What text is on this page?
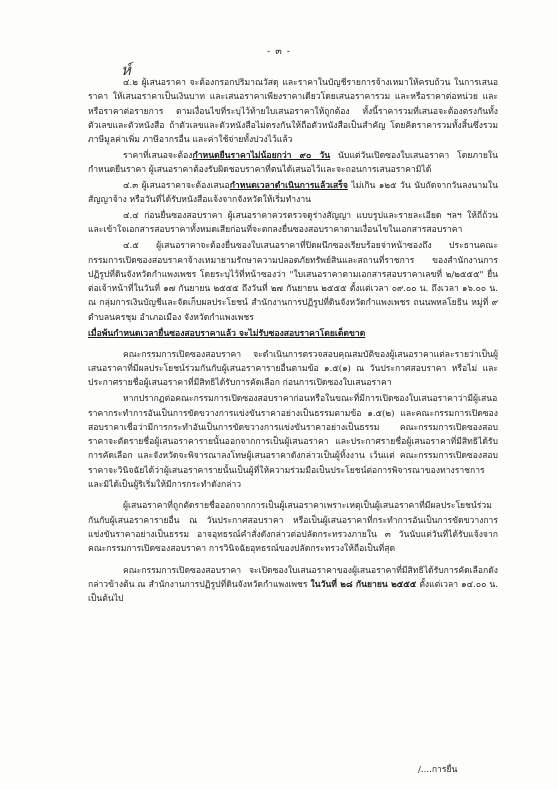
- ๓ -
ห์

๔.๒ ผู้เสนอราคา จะต้องกรอกปริมาณวัสดุ และราคาในบัญชีรายการจ้างเหมาให้ครบถ้วน ในการเสนอราคา ให้เสนอราคาเป็นเงินบาท และเสนอราคาเพียงราคาเดียวโดยเสนอราคารวม และหรือราคาต่อหน่วย และหรือราคาต่อรายการ ตามเงื่อนไขที่ระบุไว้ท้ายใบเสนอราคาให้ถูกต้อง ทั้งนี้ราคารวมที่เสนอจะต้องตรงกันทั้งตัวเลขและตัวหนังสือ ถ้าตัวเลขและตัวหนังสือไม่ตรงกันให้ถือตัวหนังสือเป็นสำคัญ โดยคิดราคารวมทั้งสิ้นซึ่งรวมภาษีมูลค่าเพิ่ม ภาษีอากรอื่น และค่าใช้จ่ายทั้งปวงไว้แล้ว

ราคาที่เสนอจะต้องกำหนดยืนราคาไม่น้อยกว่า ๙๐ วัน นับแต่วันเปิดซองใบเสนอราคา โดยภายในกำหนดยืนราคา ผู้เสนอราคาต้องรับผิดชอบราคาที่ตนได้เสนอไว้และจะถอนการเสนอราคามิได้

๔.๓ ผู้เสนอราคาจะต้องเสนอกำหนดเวลาดำเนินการแล้วเสร็จ ไม่เกิน ๑๒๕ วัน นับถัดจากวันลงนามในสัญญาจ้าง หรือวันที่ได้รับหนังสือแจ้งจากจังหวัดให้เริ่มทำงาน

๔.๔ ก่อนยื่นซองสอบราคา ผู้เสนอราคาควรตรวจดูร่างสัญญา แบบรูปและรายละเอียด ฯลฯ ให้ถี่ถ้วนและเข้าใจเอกสารสอบราคาทั้งหมดเสียก่อนที่จะตกลงยื่นซองสอบราคาตามเงื่อนไขในเอกสารสอบราคา

๔.๕ ผู้เสนอราคาจะต้องยื่นซองใบเสนอราคาที่ปิดผนึกซองเรียบร้อยจ่าหน้าซองถึง ประธานคณะกรรมการเปิดซองสอบราคาจ้างเหมายามรักษาความปลอดภัยทรัพย์สินและสถานที่ราชการ ของสำนักงานการปฏิรูปที่ดินจังหวัดกำแพงเพชร โดยระบุไว้ที่หน้าซองว่า "ใบเสนอราคาตามเอกสารสอบราคาเลขที่ ๒/๒๕๕๕" ยื่นต่อเจ้าหน้าที่ในวันที่ ๑๗ กันยายน ๒๕๕๕ ถึงวันที่ ๒๗ กันยายน ๒๕๕๕ ตั้งแต่เวลา ๐๙.๐๐ น. ถึงเวลา ๑๖.๐๐ น. ณ กลุ่มการเงินบัญชีและจัดเก็บผลประโยชน์ สำนักงานการปฏิรูปที่ดินจังหวัดกำแพงเพชร ถนนพหลโยธิน หมู่ที่ ๙ ตำบลนครชุม อำเภอเมือง จังหวัดกำแพงเพชร

เมื่อพ้นกำหนดเวลายื่นซองสอบราคาแล้ว จะไม่รับซองสอบราคาโดยเด็ดขาด

คณะกรรมการเปิดซองสอบราคา จะดำเนินการตรวจสอบคุณสมบัติของผู้เสนอราคาแต่ละรายว่าเป็นผู้เสนอราคาที่มีผลประโยชน์ร่วมกันกับผู้เสนอราคารายอื่นตามข้อ ๑.๕(๑) ณ วันประกาศสอบราคา หรือไม่ และประกาศรายชื่อผู้เสนอราคาที่มีสิทธิได้รับการคัดเลือก ก่อนการเปิดซองใบเสนอราคา

หากปรากฏต่อคณะกรรมการเปิดซองสอบราคาก่อนหรือในขณะที่มีการเปิดซองใบเสนอราคาว่ามีผู้เสนอราคากระทำการอันเป็นการขัดขวางการแข่งขันราคาอย่างเป็นธรรมตามข้อ ๑.๕(๒) และคณะกรรมการเปิดซองสอบราคาเชื่อว่ามีการกระทำอันเป็นการขัดขวางการแข่งขันราคาอย่างเป็นธรรม คณะกรรมการเปิดซองสอบราคาจะตัดรายชื่อผู้เสนอราคารายนั้นออกจากการเป็นผู้เสนอราคา และประกาศรายชื่อผู้เสนอราคาที่มีสิทธิได้รับการคัดเลือก และจังหวัดจะพิจารณาลงโทษผู้เสนอราคาดังกล่าวเป็นผู้ทิ้งงาน เว้นแต่ คณะกรรมการเปิดซองสอบราคาจะวินิจฉัยได้ว่าผู้เสนอราคารายนั้นเป็นผู้ที่ให้ความร่วมมือเป็นประโยชน์ต่อการพิจารณาของทางราชการและมิได้เป็นผู้ริเริ่มให้มีการกระทำดังกล่าว

ผู้เสนอราคาที่ถูกตัดรายชื่อออกจากการเป็นผู้เสนอราคาเพราะเหตุเป็นผู้เสนอราคาที่มีผลประโยชน์ร่วมกันกับผู้เสนอราคารายอื่น ณ วันประกาศสอบราคา หรือเป็นผู้เสนอราคาที่กระทำการอันเป็นการขัดขวางการแข่งขันราคาอย่างเป็นธรรม อาจอุทธรณ์คำสั่งดังกล่าวต่อปลัดกระทรวงภายใน ๓ วันนับแต่วันที่ได้รับแจ้งจากคณะกรรมการเปิดซองสอบราคา การวินิจฉัยอุทธรณ์ของปลัดกระทรวงให้ถือเป็นที่สุด

คณะกรรมการเปิดซองสอบราคา จะเปิดซองใบเสนอราคาของผู้เสนอราคาที่มีสิทธิได้รับการคัดเลือกดังกล่าวข้างต้น ณ สำนักงานการปฏิรูปที่ดินจังหวัดกำแพงเพชร ในวันที่ ๒๘ กันยายน ๒๕๕๕ ตั้งแต่เวลา ๑๔.๐๐ น. เป็นต้นไป

/....การยื่น
